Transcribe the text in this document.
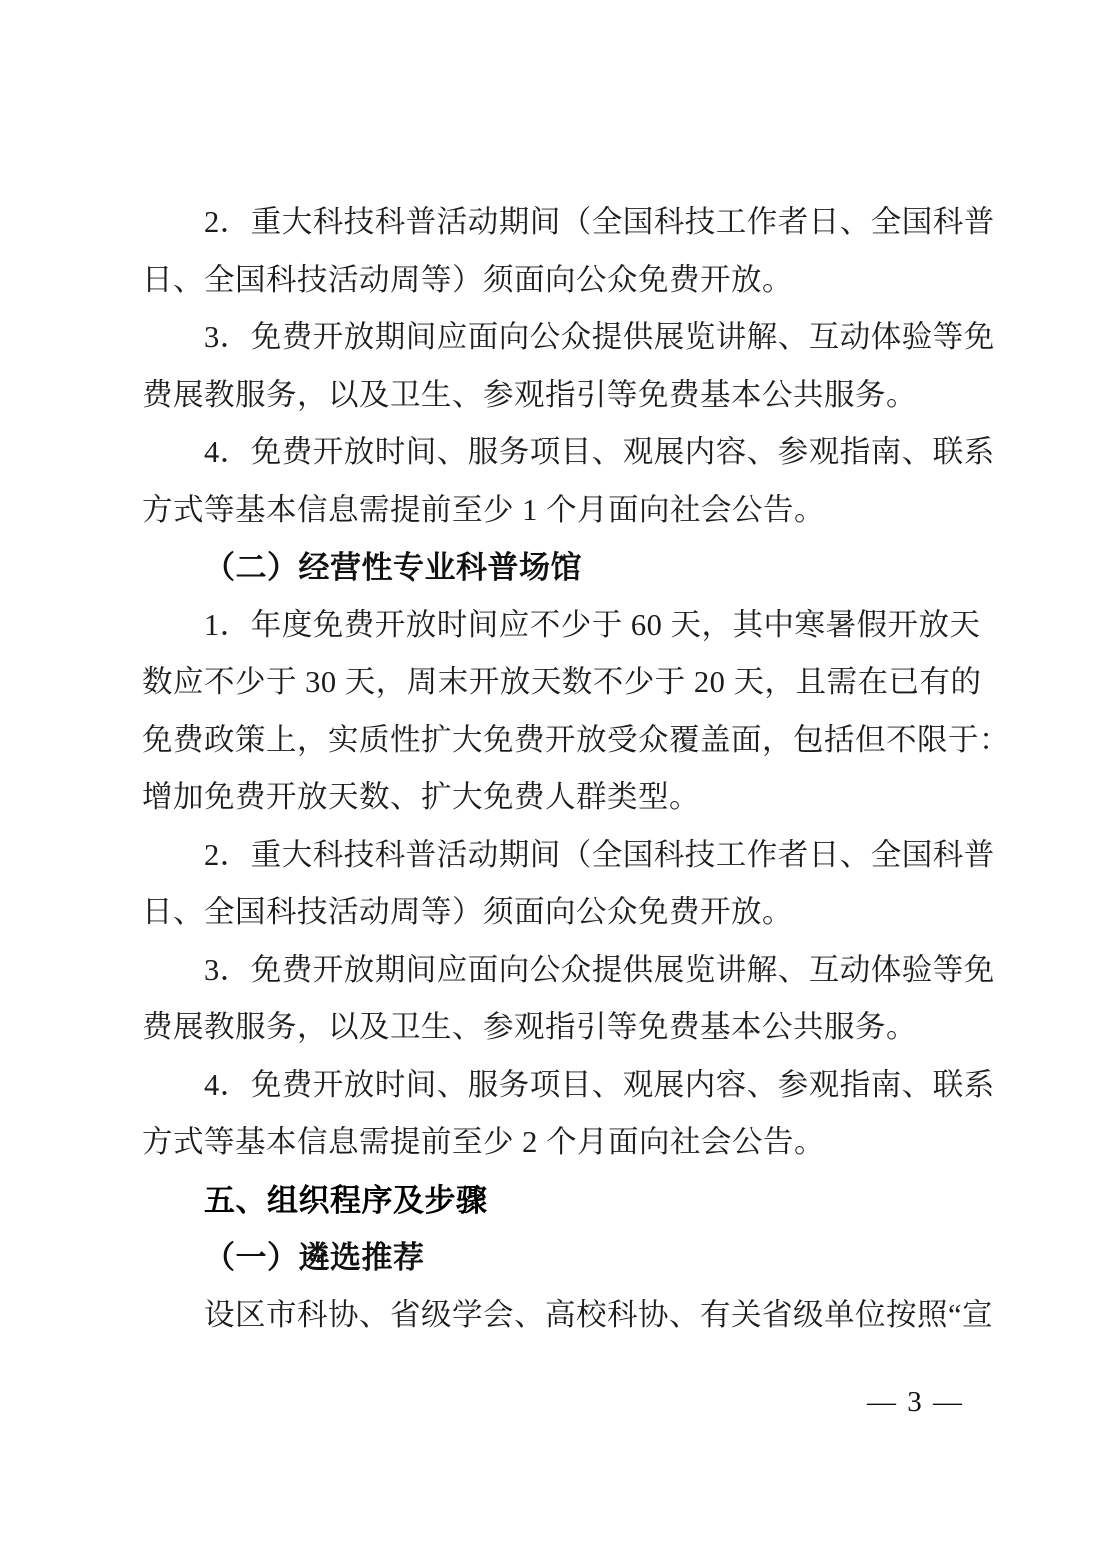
2．重大科技科普活动期间（全国科技工作者日、全国科普
日、全国科技活动周等）须面向公众免费开放。
3．免费开放期间应面向公众提供展览讲解、互动体验等免
费展教服务，以及卫生、参观指引等免费基本公共服务。
4．免费开放时间、服务项目、观展内容、参观指南、联系
方式等基本信息需提前至少 1 个月面向社会公告。
（二）经营性专业科普场馆
1．年度免费开放时间应不少于 60 天，其中寒暑假开放天
数应不少于 30 天，周末开放天数不少于 20 天，且需在已有的
免费政策上，实质性扩大免费开放受众覆盖面，包括但不限于：
增加免费开放天数、扩大免费人群类型。
2．重大科技科普活动期间（全国科技工作者日、全国科普
日、全国科技活动周等）须面向公众免费开放。
3．免费开放期间应面向公众提供展览讲解、互动体验等免
费展教服务，以及卫生、参观指引等免费基本公共服务。
4．免费开放时间、服务项目、观展内容、参观指南、联系
方式等基本信息需提前至少 2 个月面向社会公告。
五、组织程序及步骤
（一）遴选推荐
设区市科协、省级学会、高校科协、有关省级单位按照“宣
— 3 —
